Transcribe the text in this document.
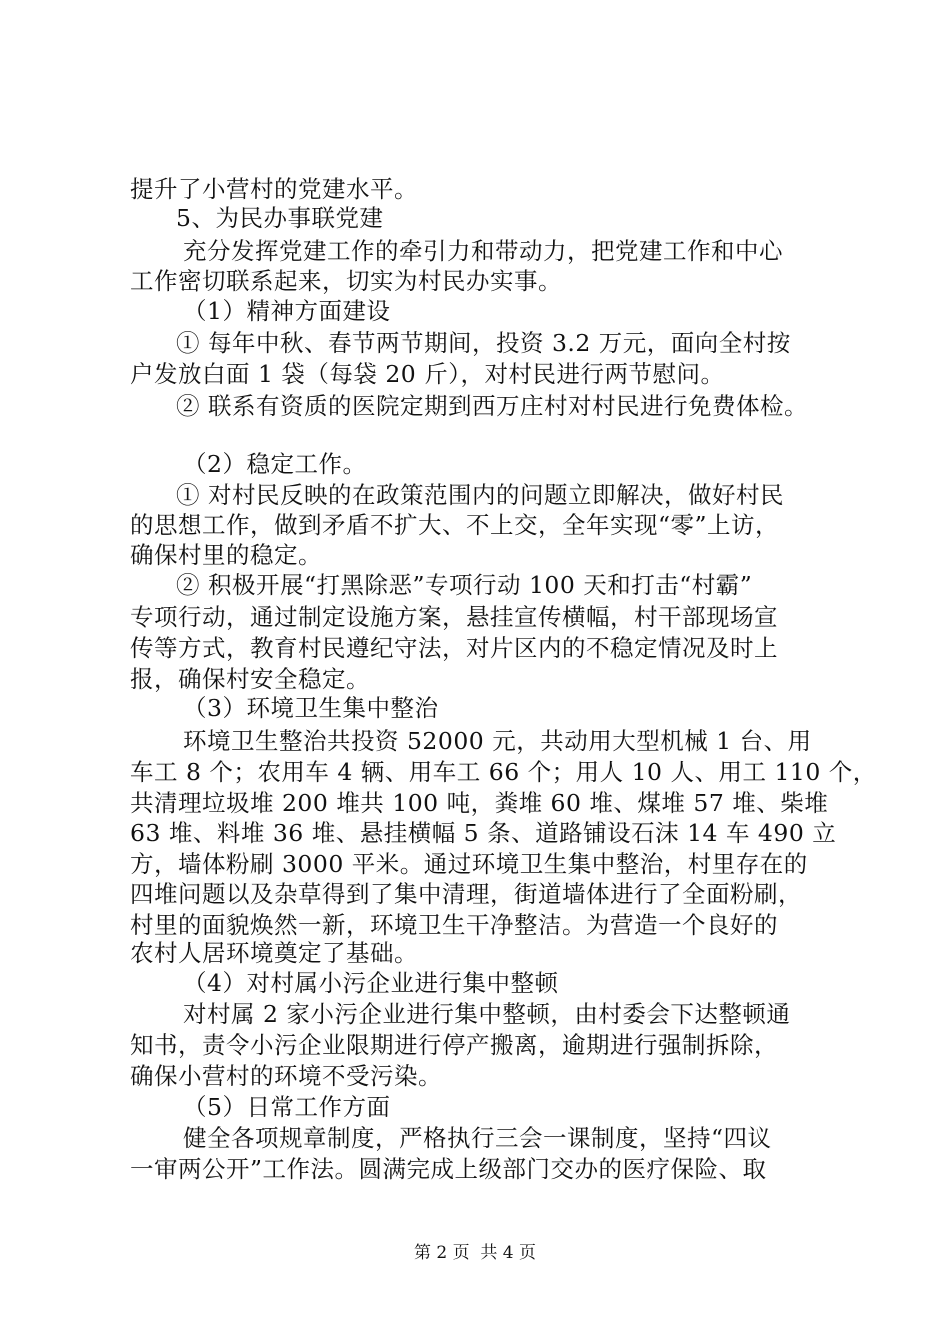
提升了小营村的党建水平。
5、为民办事联党建
充分发挥党建工作的牵引力和带动力，把党建工作和中心
工作密切联系起来，切实为村民办实事。
（1）精神方面建设
① 每年中秋、春节两节期间，投资 3.2 万元，面向全村按
户发放白面 1 袋（每袋 20 斤），对村民进行两节慰问。
② 联系有资质的医院定期到西万庄村对村民进行免费体检。
（2）稳定工作。
① 对村民反映的在政策范围内的问题立即解决，做好村民
的思想工作，做到矛盾不扩大、不上交，全年实现“零”上访，
确保村里的稳定。
② 积极开展“打黑除恶”专项行动 100 天和打击“村霸”
专项行动，通过制定设施方案，悬挂宣传横幅，村干部现场宣
传等方式，教育村民遵纪守法，对片区内的不稳定情况及时上
报，确保村安全稳定。
（3）环境卫生集中整治
环境卫生整治共投资 52000 元，共动用大型机械 1 台、用
车工 8 个；农用车 4 辆、用车工 66 个；用人 10 人、用工 110 个，
共清理垃圾堆 200 堆共 100 吨，粪堆 60 堆、煤堆 57 堆、柴堆
63 堆、料堆 36 堆、悬挂横幅 5 条、道路铺设石沫 14 车 490 立
方，墙体粉刷 3000 平米。通过环境卫生集中整治，村里存在的
四堆问题以及杂草得到了集中清理，街道墙体进行了全面粉刷，
村里的面貌焕然一新，环境卫生干净整洁。为营造一个良好的
农村人居环境奠定了基础。
（4）对村属小污企业进行集中整顿
对村属 2 家小污企业进行集中整顿，由村委会下达整顿通
知书，责令小污企业限期进行停产搬离，逾期进行强制拆除，
确保小营村的环境不受污染。
（5）日常工作方面
健全各项规章制度，严格执行三会一课制度，坚持“四议
一审两公开”工作法。圆满完成上级部门交办的医疗保险、取
第 2 页  共 4 页
